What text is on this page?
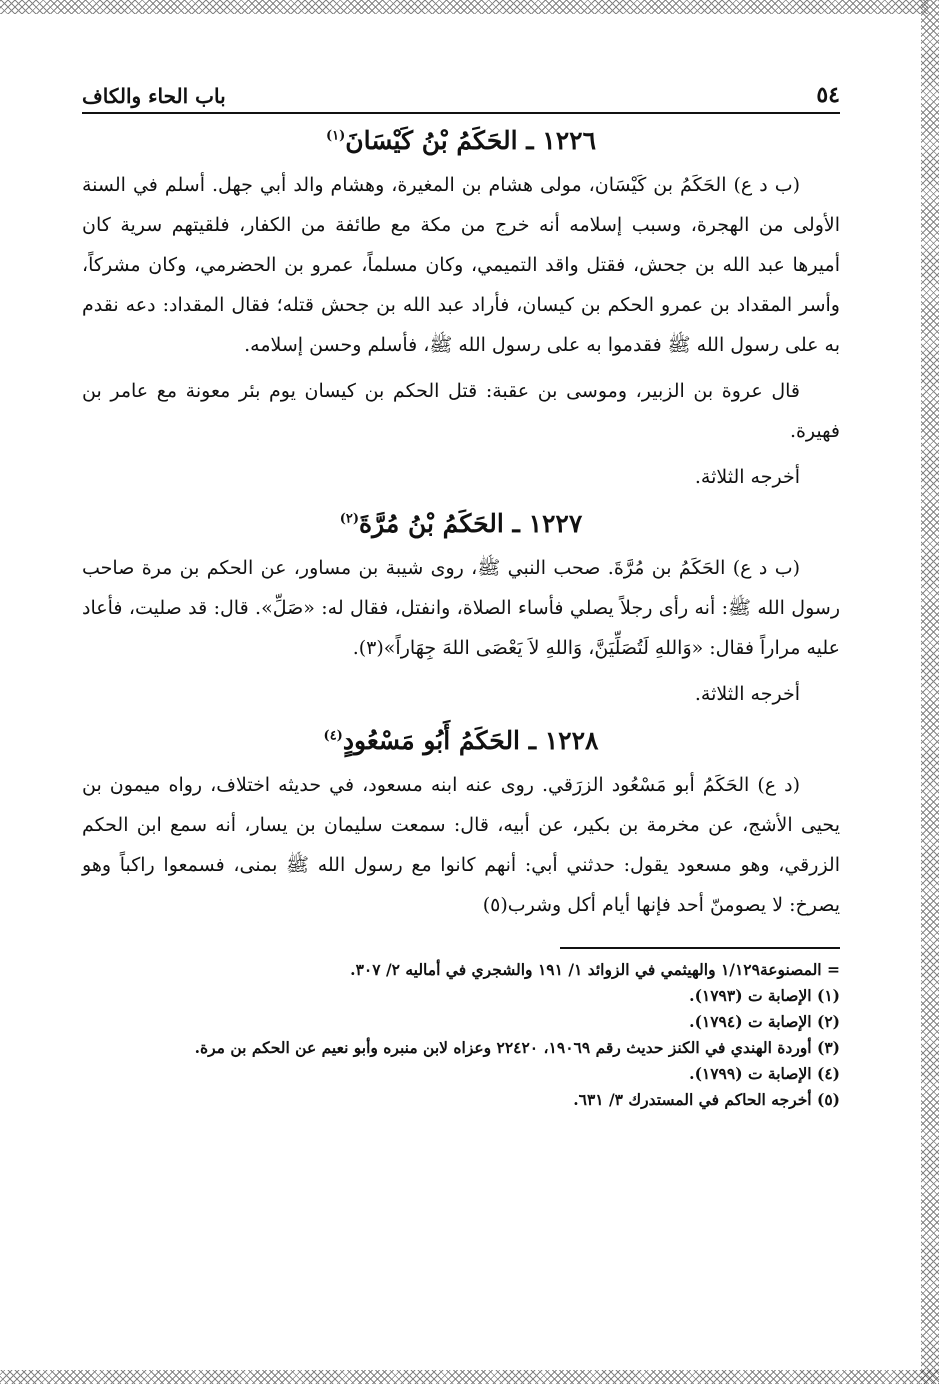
٥٤
باب الحاء والكاف
١٢٢٦ ـ الحَكَمُ بْنُ كَيْسَانَ$^{(١)}$

(ب د ع) الحَكَمُ بن كَيْسَان، مولى هشام بن المغيرة، وهشام والد أبي جهل. أسلم في السنة الأولى من الهجرة، وسبب إسلامه أنه خرج من مكة مع طائفة من الكفار، فلقيتهم سرية كان أميرها عبد الله بن جحش، فقتل واقد التميمي، وكان مسلماً، عمرو بن الحضرمي، وكان مشركاً، وأسر المقداد بن عمرو الحكم بن كيسان، فأراد عبد الله بن جحش قتله؛ فقال المقداد: دعه نقدم به على رسول الله ﷺ فقدموا به على رسول الله ﷺ، فأسلم وحسن إسلامه.

قال عروة بن الزبير، وموسى بن عقبة: قتل الحكم بن كيسان يوم بئر معونة مع عامر بن فهيرة.

أخرجه الثلاثة.

١٢٢٧ ـ الحَكَمُ بْنُ مُرَّةَ$^{(٢)}$

(ب د ع) الحَكَمُ بن مُرَّةَ. صحب النبي ﷺ، روى شيبة بن مساور، عن الحكم بن مرة صاحب رسول الله ﷺ: أنه رأى رجلاً يصلي فأساء الصلاة، وانفتل، فقال له: «صَلِّ». قال: قد صليت، فأعاد عليه مراراً فقال: «وَاللهِ لَتُصَلِّيَنَّ، وَاللهِ لاَ يَعْصَى اللهَ جِهَاراً»(٣).

أخرجه الثلاثة.

١٢٢٨ ـ الحَكَمُ أَبُو مَسْعُودٍ$^{(٤)}$

(د ع) الحَكَمُ أبو مَسْعُود الزرَقي. روى عنه ابنه مسعود، في حديثه اختلاف، رواه ميمون بن يحيى الأشج، عن مخرمة بن بكير، عن أبيه، قال: سمعت سليمان بن يسار، أنه سمع ابن الحكم الزرقي، وهو مسعود يقول: حدثني أبي: أنهم كانوا مع رسول الله ﷺ بمنى، فسمعوا راكباً وهو يصرخ: لا يصومنّ أحد فإنها أيام أكل وشرب(٥)

= المصنوعة١/١٢٩ والهيثمي في الزوائد ١/ ١٩١ والشجري في أماليه ٢/ ٣٠٧.

(١) الإصابة ت (١٧٩٣).

(٢) الإصابة ت (١٧٩٤).

(٣) أوردة الهندي في الكنز حديث رقم ١٩٠٦٩، ٢٢٤٢٠ وعزاه لابن منبره وأبو نعيم عن الحكم بن مرة.

(٤) الإصابة ت (١٧٩٩).

(٥) أخرجه الحاكم في المستدرك ٣/ ٦٣١.
